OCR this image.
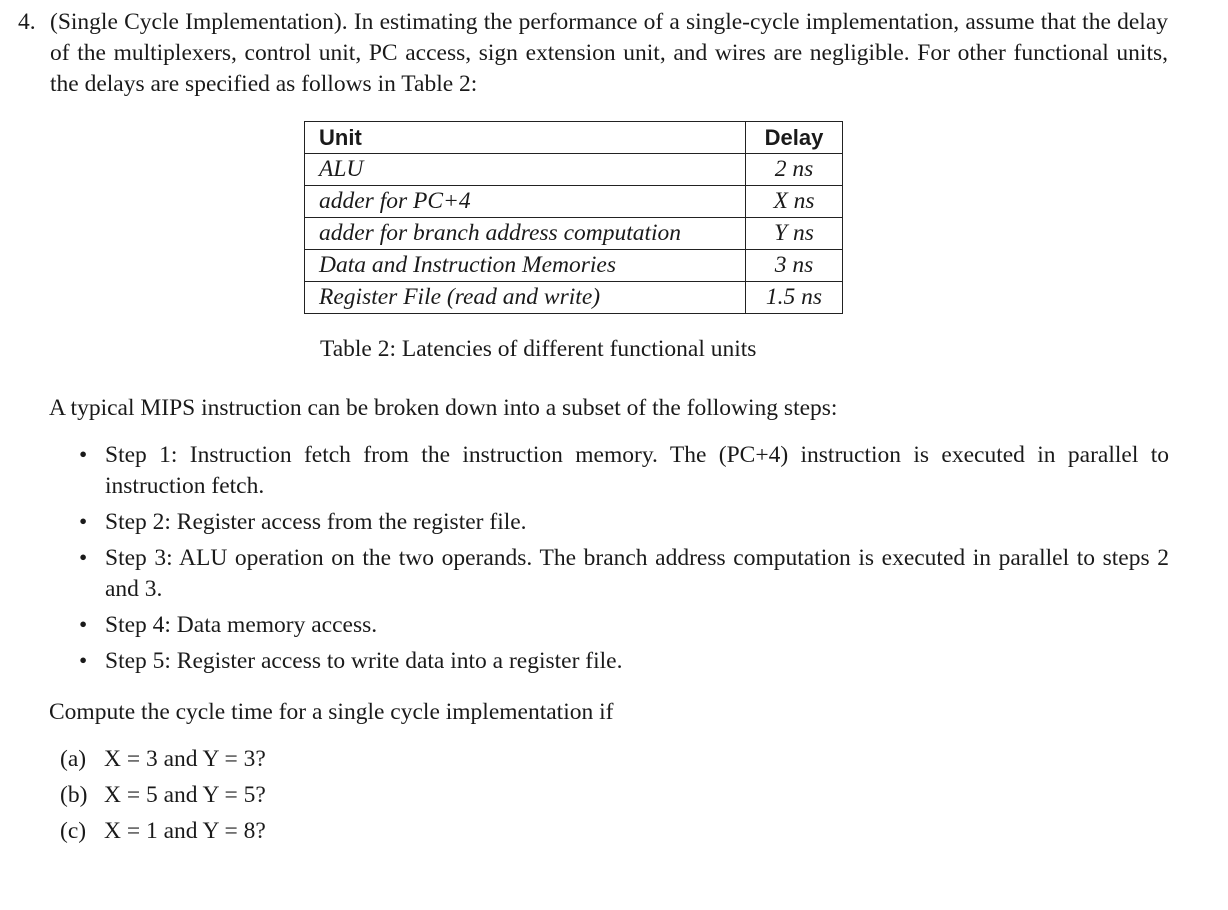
4. (Single Cycle Implementation). In estimating the performance of a single-cycle implementation, assume that the delay of the multiplexers, control unit, PC access, sign extension unit, and wires are negligible. For other functional units, the delays are specified as follows in Table 2:
Unit	Delay
ALU	2 ns
adder for PC+4	X ns
adder for branch address computation	Y ns
Data and Instruction Memories	3 ns
Register File (read and write)	1.5 ns
Table 2: Latencies of different functional units
A typical MIPS instruction can be broken down into a subset of the following steps:
• Step 1: Instruction fetch from the instruction memory. The (PC+4) instruction is executed in parallel to instruction fetch.
• Step 2: Register access from the register file.
• Step 3: ALU operation on the two operands. The branch address computation is executed in parallel to steps 2 and 3.
• Step 4: Data memory access.
• Step 5: Register access to write data into a register file.
Compute the cycle time for a single cycle implementation if
(a) X = 3 and Y = 3?
(b) X = 5 and Y = 5?
(c) X = 1 and Y = 8?
